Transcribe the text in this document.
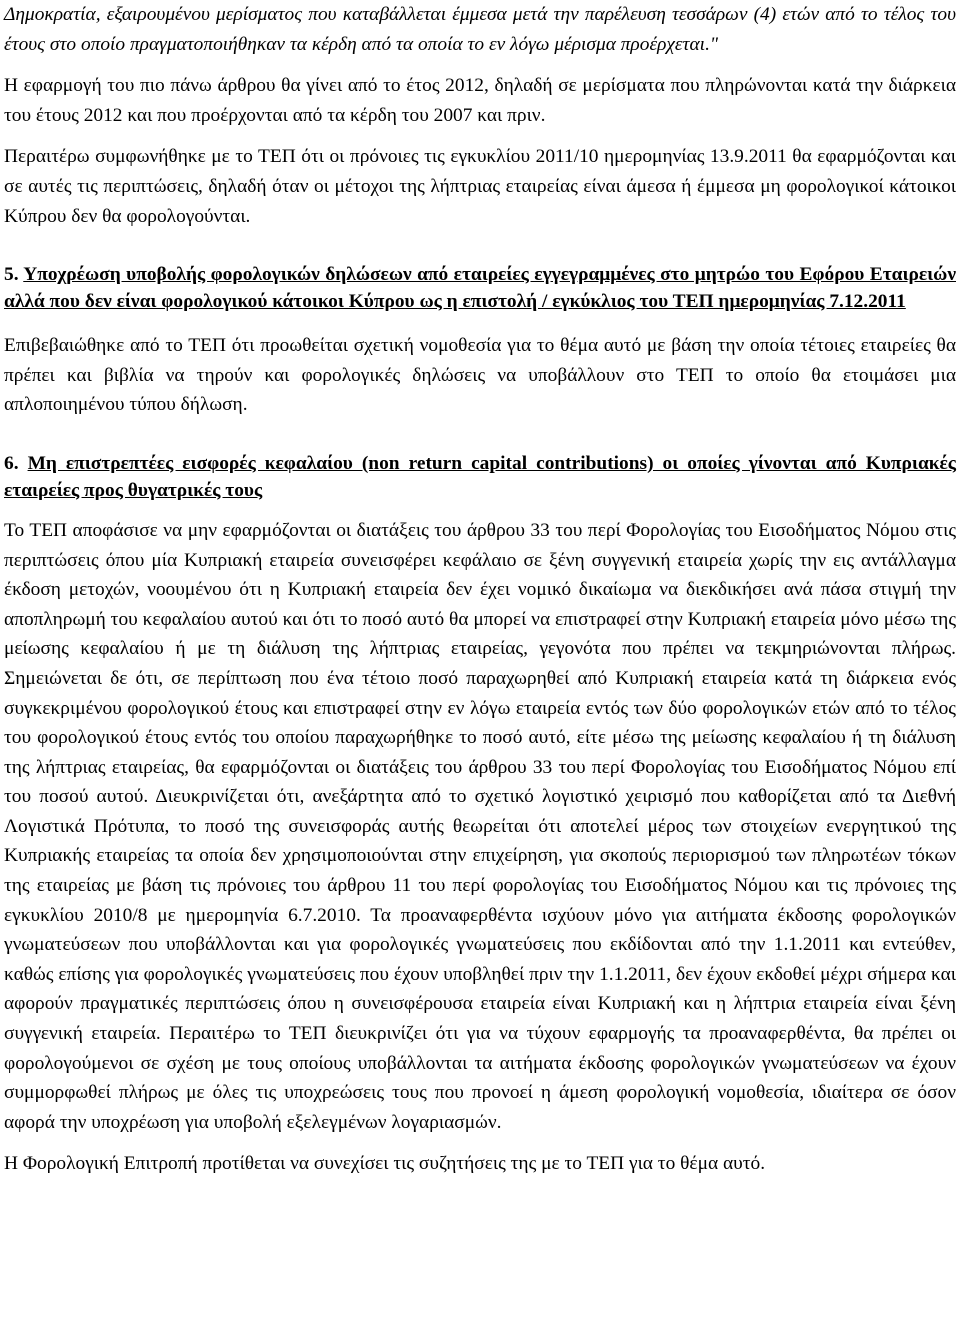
Δημοκρατία, εξαιρουμένου μερίσματος που καταβάλλεται έμμεσα μετά την παρέλευση τεσσάρων (4) ετών από το τέλος του έτους στο οποίο πραγματοποιήθηκαν τα κέρδη από τα οποία το εν λόγω μέρισμα προέρχεται."

Η εφαρμογή του πιο πάνω άρθρου θα γίνει από το έτος 2012, δηλαδή σε μερίσματα που πληρώνονται κατά την διάρκεια του έτους 2012 και που προέρχονται από τα κέρδη του 2007 και πριν.

Περαιτέρω συμφωνήθηκε με το ΤΕΠ ότι οι πρόνοιες τις εγκυκλίου 2011/10 ημερομηνίας 13.9.2011 θα εφαρμόζονται και σε αυτές τις περιπτώσεις, δηλαδή όταν οι μέτοχοι της λήπτριας εταιρείας είναι άμεσα ή έμμεσα μη φορολογικοί κάτοικοι Κύπρου δεν θα φορολογούνται.

5. Υποχρέωση υποβολής φορολογικών δηλώσεων από εταιρείες εγγεγραμμένες στο μητρώο του Εφόρου Εταιρειών αλλά που δεν είναι φορολογικού κάτοικοι Κύπρου ως η επιστολή / εγκύκλιος του ΤΕΠ ημερομηνίας 7.12.2011

Επιβεβαιώθηκε από το ΤΕΠ ότι προωθείται σχετική νομοθεσία για το θέμα αυτό με βάση την οποία τέτοιες εταιρείες θα πρέπει και βιβλία να τηρούν και φορολογικές δηλώσεις να υποβάλλουν στο ΤΕΠ το οποίο θα ετοιμάσει μια απλοποιημένου τύπου δήλωση.

6. Μη επιστρεπτέες εισφορές κεφαλαίου (non return capital contributions) οι οποίες γίνονται από Κυπριακές εταιρείες προς θυγατρικές τους

Το ΤΕΠ αποφάσισε να μην εφαρμόζονται οι διατάξεις του άρθρου 33 του περί Φορολογίας του Εισοδήματος Νόμου στις περιπτώσεις όπου μία Κυπριακή εταιρεία συνεισφέρει κεφάλαιο σε ξένη συγγενική εταιρεία χωρίς την εις αντάλλαγμα έκδοση μετοχών, νοουμένου ότι η Κυπριακή εταιρεία δεν έχει νομικό δικαίωμα να διεκδικήσει ανά πάσα στιγμή την αποπληρωμή του κεφαλαίου αυτού και ότι το ποσό αυτό θα μπορεί να επιστραφεί στην Κυπριακή εταιρεία μόνο μέσω της μείωσης κεφαλαίου ή με τη διάλυση της λήπτριας εταιρείας, γεγονότα που πρέπει να τεκμηριώνονται πλήρως. Σημειώνεται δε ότι, σε περίπτωση που ένα τέτοιο ποσό παραχωρηθεί από Κυπριακή εταιρεία κατά τη διάρκεια ενός συγκεκριμένου φορολογικού έτους και επιστραφεί στην εν λόγω εταιρεία εντός των δύο φορολογικών ετών από το τέλος του φορολογικού έτους εντός του οποίου παραχωρήθηκε το ποσό αυτό, είτε μέσω της μείωσης κεφαλαίου ή τη διάλυση της λήπτριας εταιρείας, θα εφαρμόζονται οι διατάξεις του άρθρου 33 του περί Φορολογίας του Εισοδήματος Νόμου επί του ποσού αυτού. Διευκρινίζεται ότι, ανεξάρτητα από το σχετικό λογιστικό χειρισμό που καθορίζεται από τα Διεθνή Λογιστικά Πρότυπα, το ποσό της συνεισφοράς αυτής θεωρείται ότι αποτελεί μέρος των στοιχείων ενεργητικού της Κυπριακής εταιρείας τα οποία δεν χρησιμοποιούνται στην επιχείρηση, για σκοπούς περιορισμού των πληρωτέων τόκων της εταιρείας με βάση τις πρόνοιες του άρθρου 11 του περί φορολογίας του Εισοδήματος Νόμου και τις πρόνοιες της εγκυκλίου 2010/8 με ημερομηνία 6.7.2010. Τα προαναφερθέντα ισχύουν μόνο για αιτήματα έκδοσης φορολογικών γνωματεύσεων που υποβάλλονται και για φορολογικές γνωματεύσεις που εκδίδονται από την 1.1.2011 και εντεύθεν, καθώς επίσης για φορολογικές γνωματεύσεις που έχουν υποβληθεί πριν την 1.1.2011, δεν έχουν εκδοθεί μέχρι σήμερα και αφορούν πραγματικές περιπτώσεις όπου η συνεισφέρουσα εταιρεία είναι Κυπριακή και η λήπτρια εταιρεία είναι ξένη συγγενική εταιρεία. Περαιτέρω το ΤΕΠ διευκρινίζει ότι για να τύχουν εφαρμογής τα προαναφερθέντα, θα πρέπει οι φορολογούμενοι σε σχέση με τους οποίους υποβάλλονται τα αιτήματα έκδοσης φορολογικών γνωματεύσεων να έχουν συμμορφωθεί πλήρως με όλες τις υποχρεώσεις τους που προνοεί η άμεση φορολογική νομοθεσία, ιδιαίτερα σε όσον αφορά την υποχρέωση για υποβολή εξελεγμένων λογαριασμών.

Η Φορολογική Επιτροπή προτίθεται να συνεχίσει τις συζητήσεις της με το ΤΕΠ για το θέμα αυτό.
